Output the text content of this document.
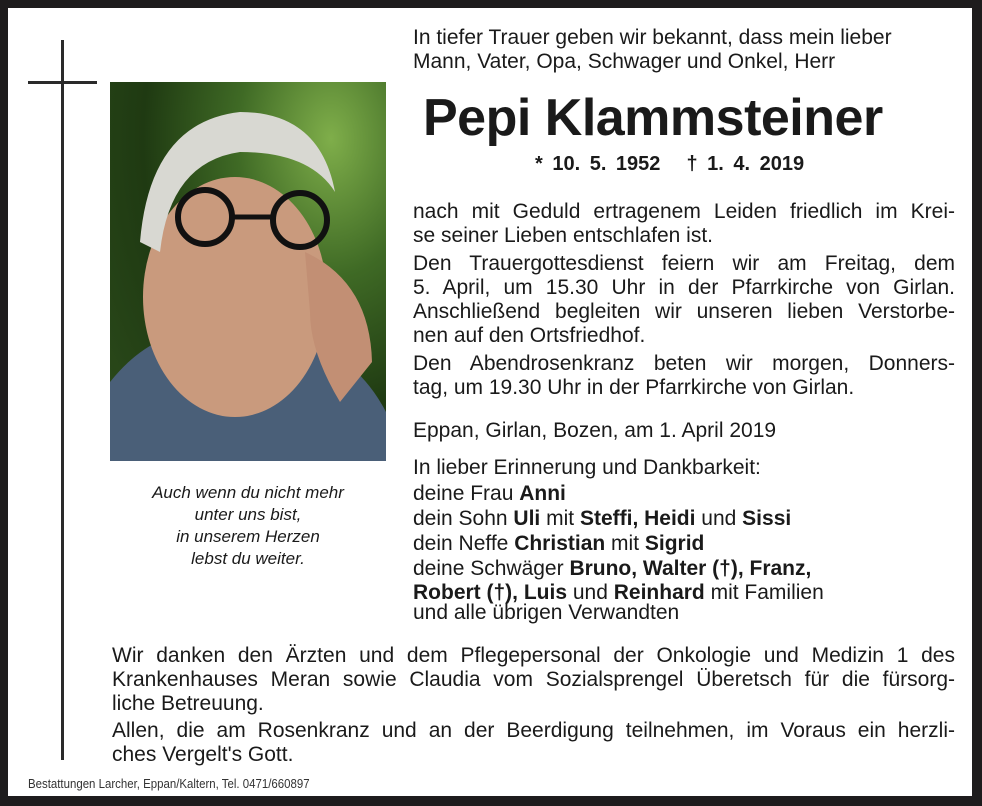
In tiefer Trauer geben wir bekannt, dass mein lieber
Mann, Vater, Opa, Schwager und Onkel, Herr
Pepi Klammsteiner
* 10. 5. 1952 † 1. 4. 2019
Auch wenn du nicht mehr
unter uns bist,
in unserem Herzen
lebst du weiter.
nach mit Geduld ertragenem Leiden friedlich im Krei-
se seiner Lieben entschlafen ist.
Den Trauergottesdienst feiern wir am Freitag, dem
5. April, um 15.30 Uhr in der Pfarrkirche von Girlan.
Anschließend begleiten wir unseren lieben Verstorbe-
nen auf den Ortsfriedhof.
Den Abendrosenkranz beten wir morgen, Donners-
tag, um 19.30 Uhr in der Pfarrkirche von Girlan.
Eppan, Girlan, Bozen, am 1. April 2019
In lieber Erinnerung und Dankbarkeit:
deine Frau Anni
dein Sohn Uli mit Steffi, Heidi und Sissi
dein Neffe Christian mit Sigrid
deine Schwäger Bruno, Walter (†), Franz,
Robert (†), Luis und Reinhard mit Familien
und alle übrigen Verwandten
Wir danken den Ärzten und dem Pflegepersonal der Onkologie und Medizin 1 des
Krankenhauses Meran sowie Claudia vom Sozialsprengel Überetsch für die fürsorg-
liche Betreuung.
Allen, die am Rosenkranz und an der Beerdigung teilnehmen, im Voraus ein herzli-
ches Vergelt's Gott.
Bestattungen Larcher, Eppan/Kaltern, Tel. 0471/660897
